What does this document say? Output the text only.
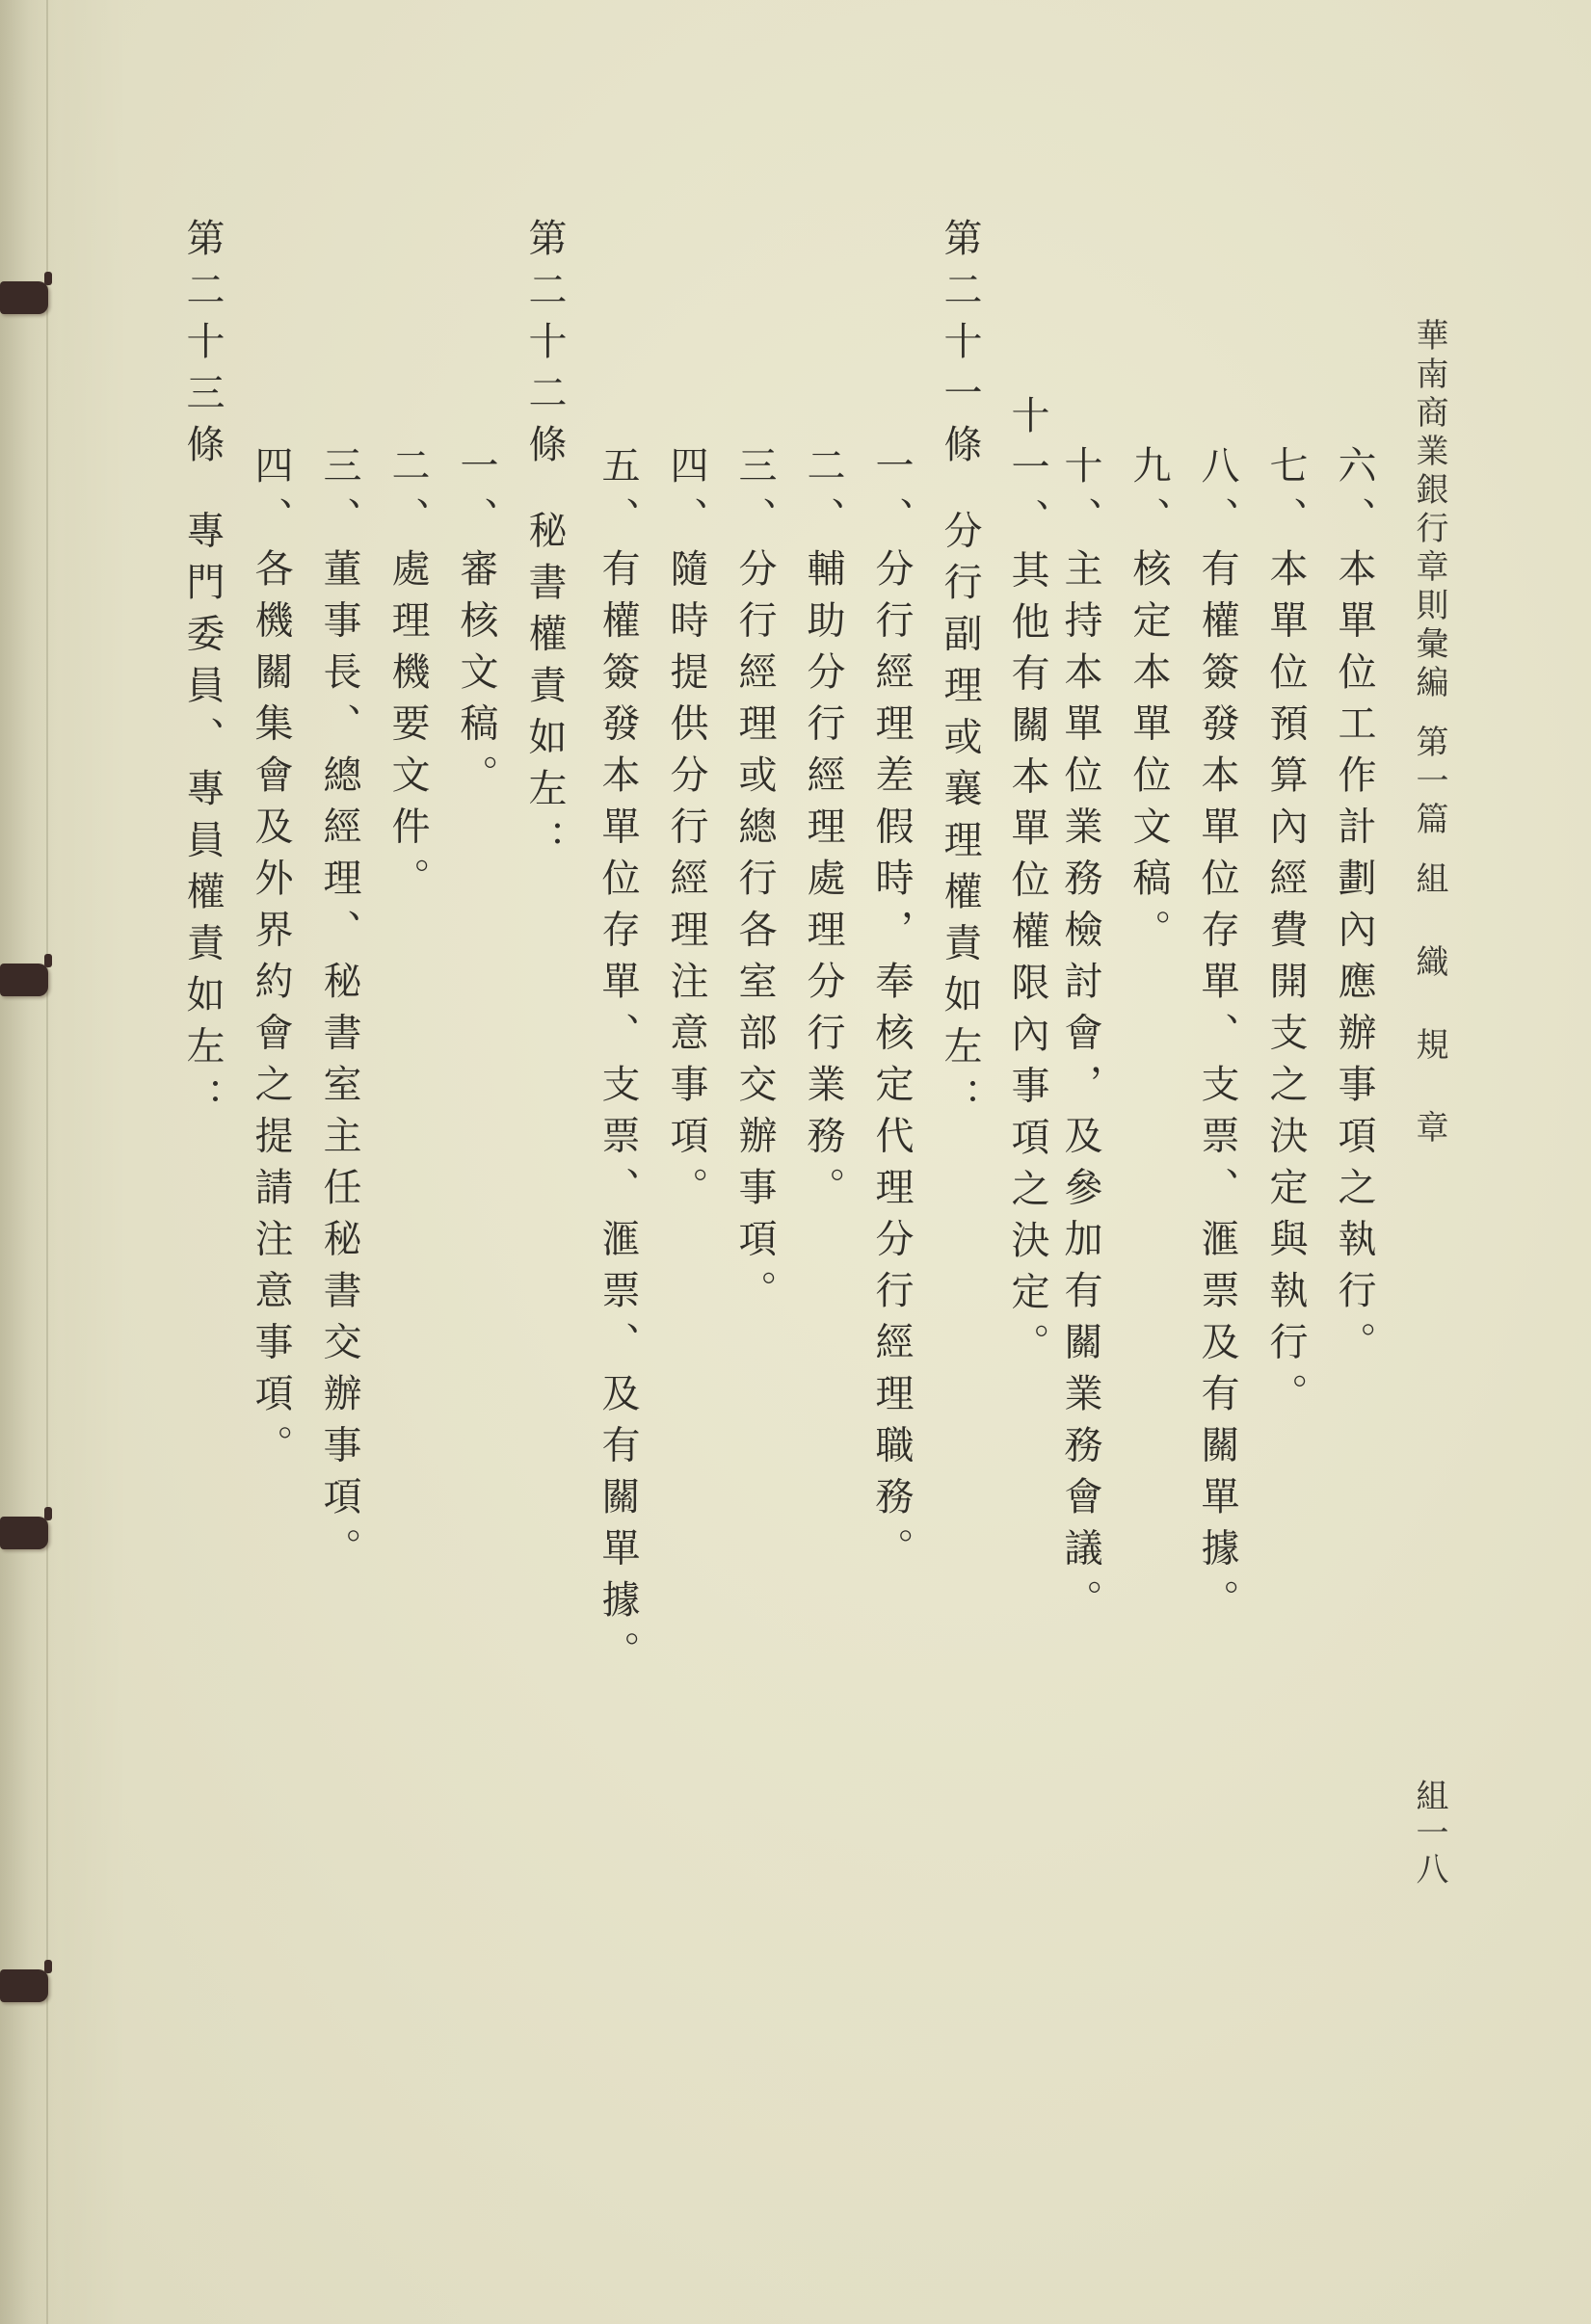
華南商業銀行章則彙編第一篇組 織 規 章
組一八
六、本單位工作計劃內應辦事項之執行。
七、本單位預算內經費開支之決定與執行。
八、有權簽發本單位存單、支票、滙票及有關單據。
九、核定本單位文稿。
十、主持本單位業務檢討會，及參加有關業務會議。
十一、其他有關本單位權限內事項之決定。
第二十一條分行副理或襄理權責如左：
一、分行經理差假時，奉核定代理分行經理職務。
二、輔助分行經理處理分行業務。
三、分行經理或總行各室部交辦事項。
四、隨時提供分行經理注意事項。
五、有權簽發本單位存單、支票、滙票、及有關單據。
第二十二條秘書權責如左：
一、審核文稿。
二、處理機要文件。
三、董事長、總經理、秘書室主任秘書交辦事項。
四、各機關集會及外界約會之提請注意事項。
第二十三條專門委員、專員權責如左：
